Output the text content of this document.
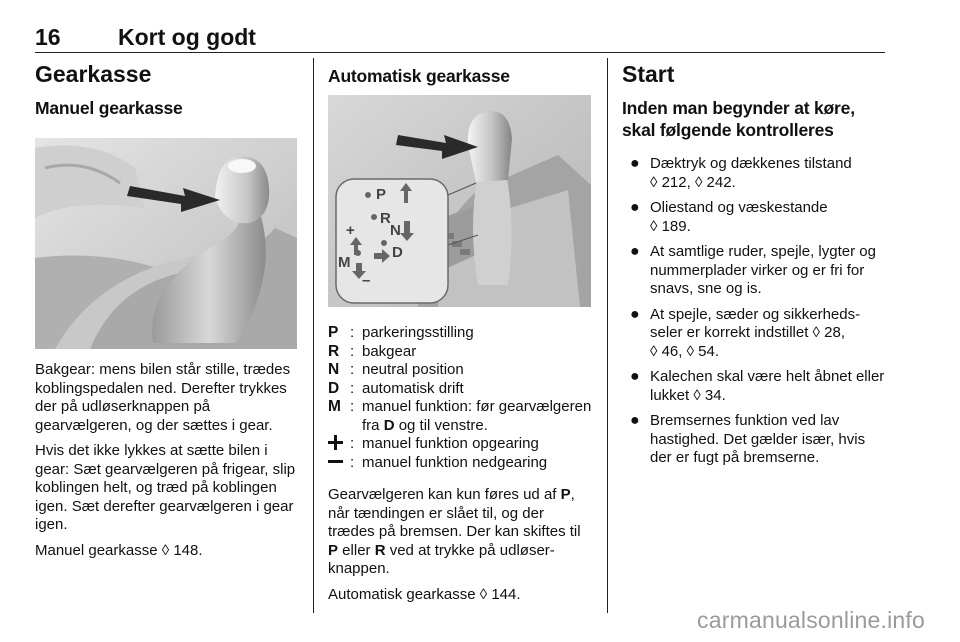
16 Kort og godt
Gearkasse
Manuel gearkasse

Bakgear: mens bilen står stille, trædes koblingspedalen ned. Derefter trykkes der på udløserknappen på gearvælgeren, og der sættes i gear.

Hvis det ikke lykkes at sætte bilen i gear: Sæt gearvælgeren på frigear, slip koblingen helt, og træd på koblingen igen. Sæt derefter gearvælgeren i gear igen.

Manuel gearkasse ◊ 148.

Automatisk gearkasse
P
R
N
D
M
+
–
P : parkeringsstilling
R : bakgear
N : neutral position
D : automatisk drift
M : manuel funktion: før gearvælgeren fra D og til venstre.
: manuel funktion opgearing
: manuel funktion nedgearing

Gearvælgeren kan kun føres ud af P, når tændingen er slået til, og der trædes på bremsen. Der kan skiftes til P eller R ved at trykke på udløserknappen.

Automatisk gearkasse ◊ 144.

Start
Inden man begynder at køre, skal følgende kontrolleres
● Dæktryk og dækkenes tilstand
◊ 212, ◊ 242.
● Oliestand og væskestande
◊ 189.
● At samtlige ruder, spejle, lygter og nummerplader virker og er fri for snavs, sne og is.
● At spejle, sæder og sikkerhedsseler er korrekt indstillet ◊ 28,
◊ 46, ◊ 54.
● Kalechen skal være helt åbnet eller lukket ◊ 34.
● Bremsernes funktion ved lav hastighed. Det gælder især, hvis der er fugt på bremserne.
carmanualsonline.info
